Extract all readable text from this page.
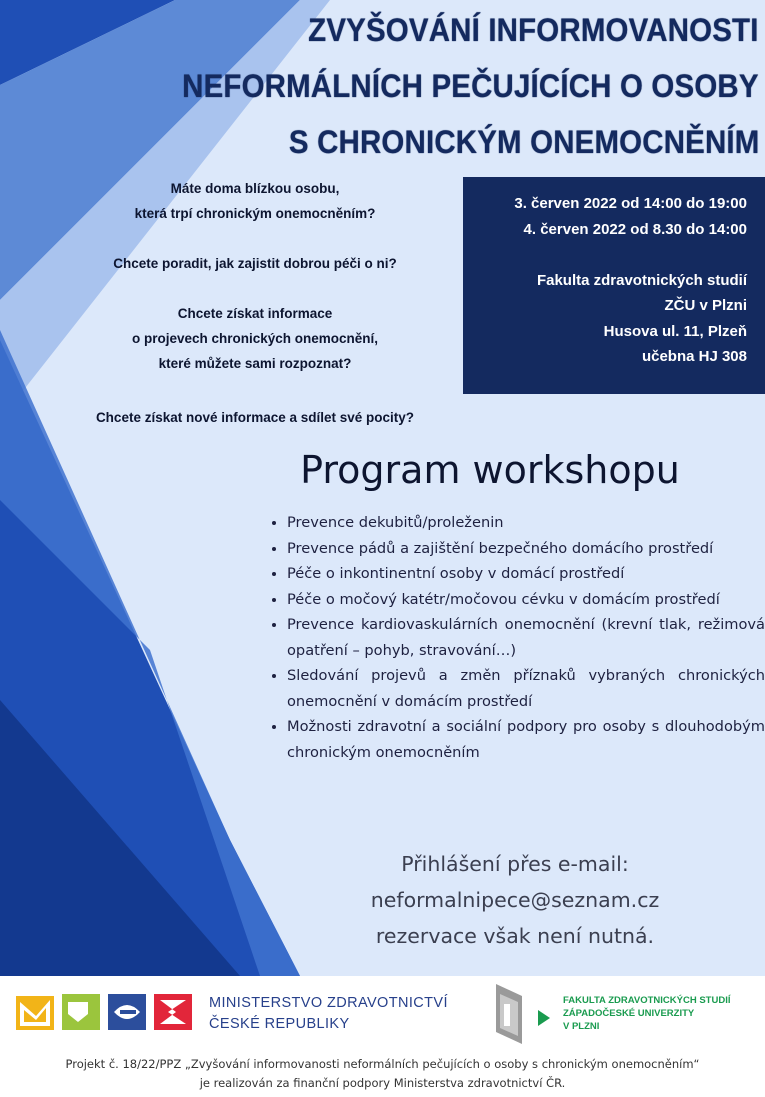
ZVYŠOVÁNÍ INFORMOVANOSTI
NEFORMÁLNÍCH PEČUJÍCÍCH O OSOBY
S CHRONICKÝM ONEMOCNĚNÍM

Máte doma blízkou osobu,

která trpí chronickým onemocněním?

Chcete poradit, jak zajistit dobrou péči o ni?

Chcete získat informace

o projevech chronických onemocnění,

které můžete sami rozpoznat?

Chcete získat nové informace a sdílet své pocity?

3. červen 2022 od 14:00 do 19:00

4. červen 2022 od 8.30 do 14:00

Fakulta zdravotnických studií

ZČU v Plzni

Husova ul. 11, Plzeň

učebna HJ 308

Program workshopu
• Prevence dekubitů/proleženin
• Prevence pádů a zajištění bezpečného domácího prostředí
• Péče o inkontinentní osoby v domácí prostředí
• Péče o močový katétr/močovou cévku v domácím prostředí
• Prevence kardiovaskulárních onemocnění (krevní tlak, režimová opatření – pohyb, stravování…)
• Sledování projevů a změn příznaků vybraných chronických onemocnění v domácím prostředí
• Možnosti zdravotní a sociální podpory pro osoby s dlouhodobým chronickým onemocněním

Přihlášení přes e-mail:

neformalnipece@seznam.cz

rezervace však není nutná.

MINISTERSTVO ZDRAVOTNICTVÍ

ČESKÉ REPUBLIKY

FAKULTA ZDRAVOTNICKÝCH STUDIÍ

ZÁPADOČESKÉ UNIVERZITY

V PLZNI

Projekt č. 18/22/PPZ „Zvyšování informovanosti neformálních pečujících o osoby s chronickým onemocněním“

je realizován za finanční podpory Ministerstva zdravotnictví ČR.
